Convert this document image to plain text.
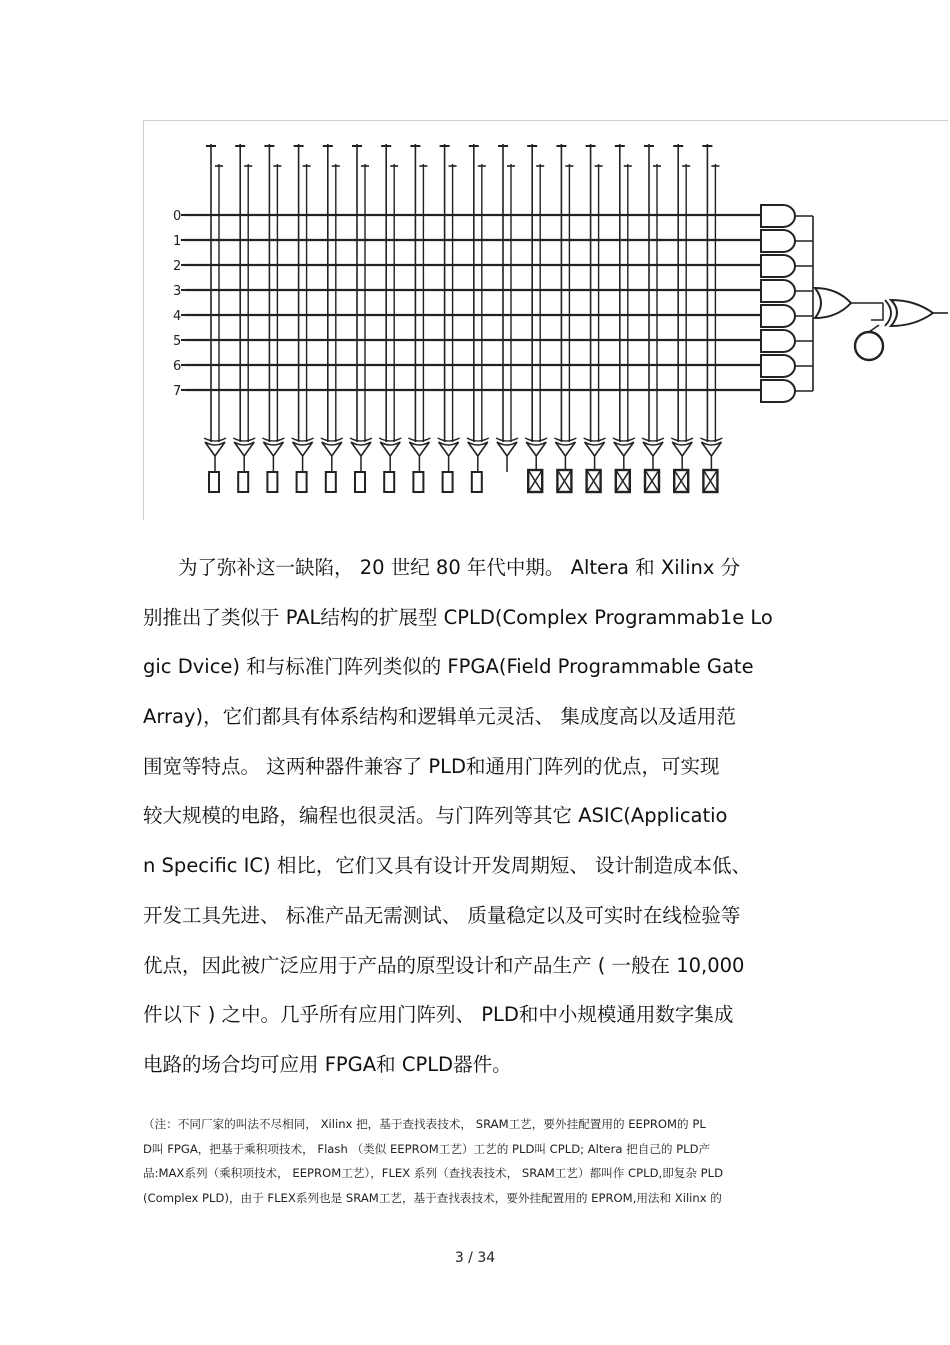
0
1
2
3
4
5
6
7
为了弥补这一缺陷， 20 世纪 80 年代中期。 Altera 和 Xilinx 分
别推出了类似于 PAL结构的扩展型 CPLD(Complex Programmab1e Lo
gic Dvice) 和与标准门阵列类似的 FPGA(Field Programmable Gate
Array)，它们都具有体系结构和逻辑单元灵活、 集成度高以及适用范
围宽等特点。 这两种器件兼容了 PLD和通用门阵列的优点，可实现
较大规模的电路，编程也很灵活。与门阵列等其它 ASIC(Applicatio
n Specific IC) 相比，它们又具有设计开发周期短、 设计制造成本低、
开发工具先进、 标准产品无需测试、 质量稳定以及可实时在线检验等
优点，因此被广泛应用于产品的原型设计和产品生产 ( 一般在 10,000
件以下 ) 之中。几乎所有应用门阵列、 PLD和中小规模通用数字集成
电路的场合均可应用 FPGA和 CPLD器件。
（注：不同厂家的叫法不尽相同， Xilinx 把，基于查找表技术， SRAM工艺，要外挂配置用的 EEPROM的 PL
D叫 FPGA，把基于乘积项技术， Flash （类似 EEPROM工艺）工艺的 PLD叫 CPLD; Altera 把自己的 PLD产
品:MAX系列（乘积项技术， EEPROM工艺），FLEX 系列（查找表技术， SRAM工艺）都叫作 CPLD,即复杂 PLD
(Complex PLD)，由于 FLEX系列也是 SRAM工艺，基于查找表技术，要外挂配置用的 EPROM,用法和 Xilinx 的
3 / 34
